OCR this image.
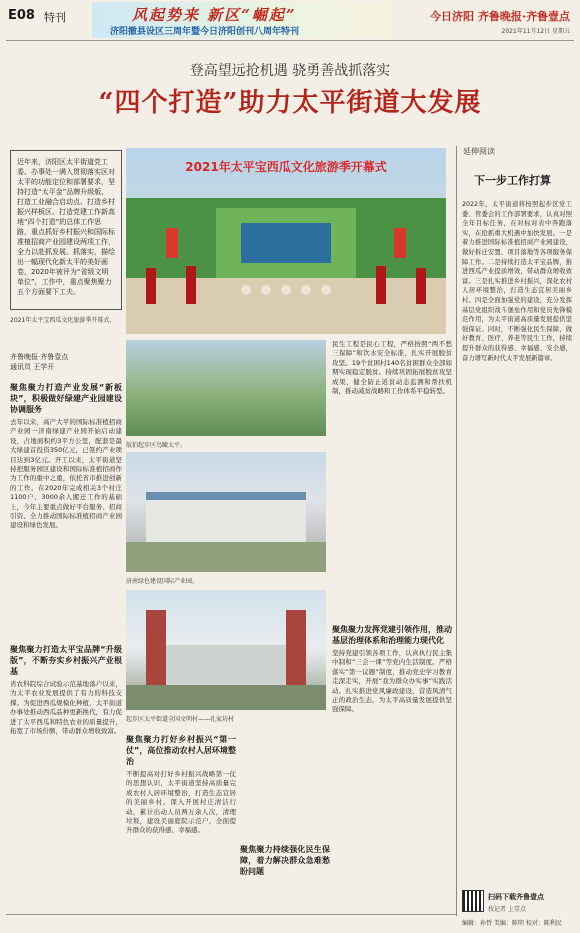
E08 特刊	风起势来 新区“崛起”
济阳撤县设区三周年暨今日济阳创刊八周年特刊
今日济阳 齐鲁晚报·齐鲁壹点
2021年11月12日 星期五
登高望远抢机遇 骁勇善战抓落实
“四个打造”助力太平街道大发展
近年来，济阳区太平街道党工委、办事处一满入贯彻落实区对太平的功能定位和部署要求，坚持打造“太平金”品牌升级版、打造工业融合启动点、打造乡村振兴样板区、打造党建工作新高地“四个打造”的总体工作思路，重点抓好乡村振兴和国际标准植招商产业园建设两项工作，全力以赴抓发展、抓落实，描绘出一幅现代化新太平的美好画卷，2020年被评为“省级文明单位”，工作中，重点聚焦聚力五个方面要下工夫。
2021年太平宝西瓜文化旅游季开幕式。
2021年太平宝西瓜文化旅游季开幕式
齐鲁晚报·齐鲁壹点
通讯员 王学开
聚焦聚力打造产业发展“新板块”，积极做好绿建产业园建设协调服务
去年以来，高产大平的国际标准植招商产业园一济南绿建产业园开始启动建设，占地面积约3平方公里，配套是最大绿建首投资350亿元，已签约产业项目达到3亿元。开工以来，太平街道坚持把服务园区建设和国际标准植招商作为工作的重中之重，依托省市推进创新的工作。在2020年完成相关3个村庄1100户、3000余人搬迁工作的基础上，今年主要重点做好平台服务、招商引资、全力推动国际标准植招商产业园建设和绿色发展。
聚焦聚力打造太平宝品牌“升级版”，不断夯实乡村振兴产业根基
省农科院综合试验示范基地落户以来，为太平农业发展提供了有力的科技支撑。为促进西瓜规模化种植，太平街道办事处推动西瓜品种更新换代，有力促进了太平西瓜和特色农业的质量提升，拓宽了市场份额，带动群众增收致富。
航拍起步区鸟瞰太平。
济南绿色建设国际产业园。
起步区太平街道全国文明村——孔家坊村
聚焦聚力打好乡村振兴“第一仗”，高位推动农村人居环境整治
不断提高对打好乡村振兴战略第一仗的思想认识，太平街道坚持高质量完成农村人居环境整治，打造生态宜居的美丽乡村。深入开展村庄清洁行动，累计出动人员两万余人次，清理垃圾，建设美丽庭院示范户，全面提升群众的获得感、幸福感。
聚焦聚力持续强化民生保障，着力解决群众急难愁盼问题
民生工程是民心工程，严格按照“两不愁三保障”和饮水安全标准，扎实开展脱贫攻坚。19个贫困村140名贫困群众全部如期实现稳定脱贫。持续巩固拓展脱贫攻坚成果，健全防止返贫动态监测和帮扶机制，推动减贫战略和工作体系平稳转型。
聚焦聚力发挥党建引领作用，推动基层治理体系和治理能力现代化
坚持党建引领各项工作，认真执行民主集中制和“三会一课”等党内生活制度。严格落实“第一议题”制度，推动党史学习教育走深走实，开展“我为群众办实事”实践活动。扎实推进党风廉政建设，营造风清气正的政治生态，为太平高质量发展提供坚强保障。
延伸阅读
下一步工作打算
2022年，太平街道将按照起步区党工委、管委会的工作部署要求，认真对照全年目标任务，在对标对表中奔跑落实，在抢抓重大机遇中加快发展。一是着力推进国际标准植招商产业园建设，做好拆迁安置、项目落地等各项服务保障工作。二是持续打造太平宝品牌，推进西瓜产业提质增效，带动群众增收致富。三是扎实推进乡村振兴，深化农村人居环境整治，打造生态宜居美丽乡村。四是全面加强党的建设，充分发挥基层党组织战斗堡垒作用和党员先锋模范作用，为太平街道高质量发展提供坚强保证。同时，不断强化民生保障，做好教育、医疗、养老等民生工作，持续提升群众的获得感、幸福感、安全感，奋力谱写新时代太平发展新篇章。
扫码下载齐鲁壹点
找记者 上壹点
编辑：孙哲 美编：陈明 校对：陈利民
